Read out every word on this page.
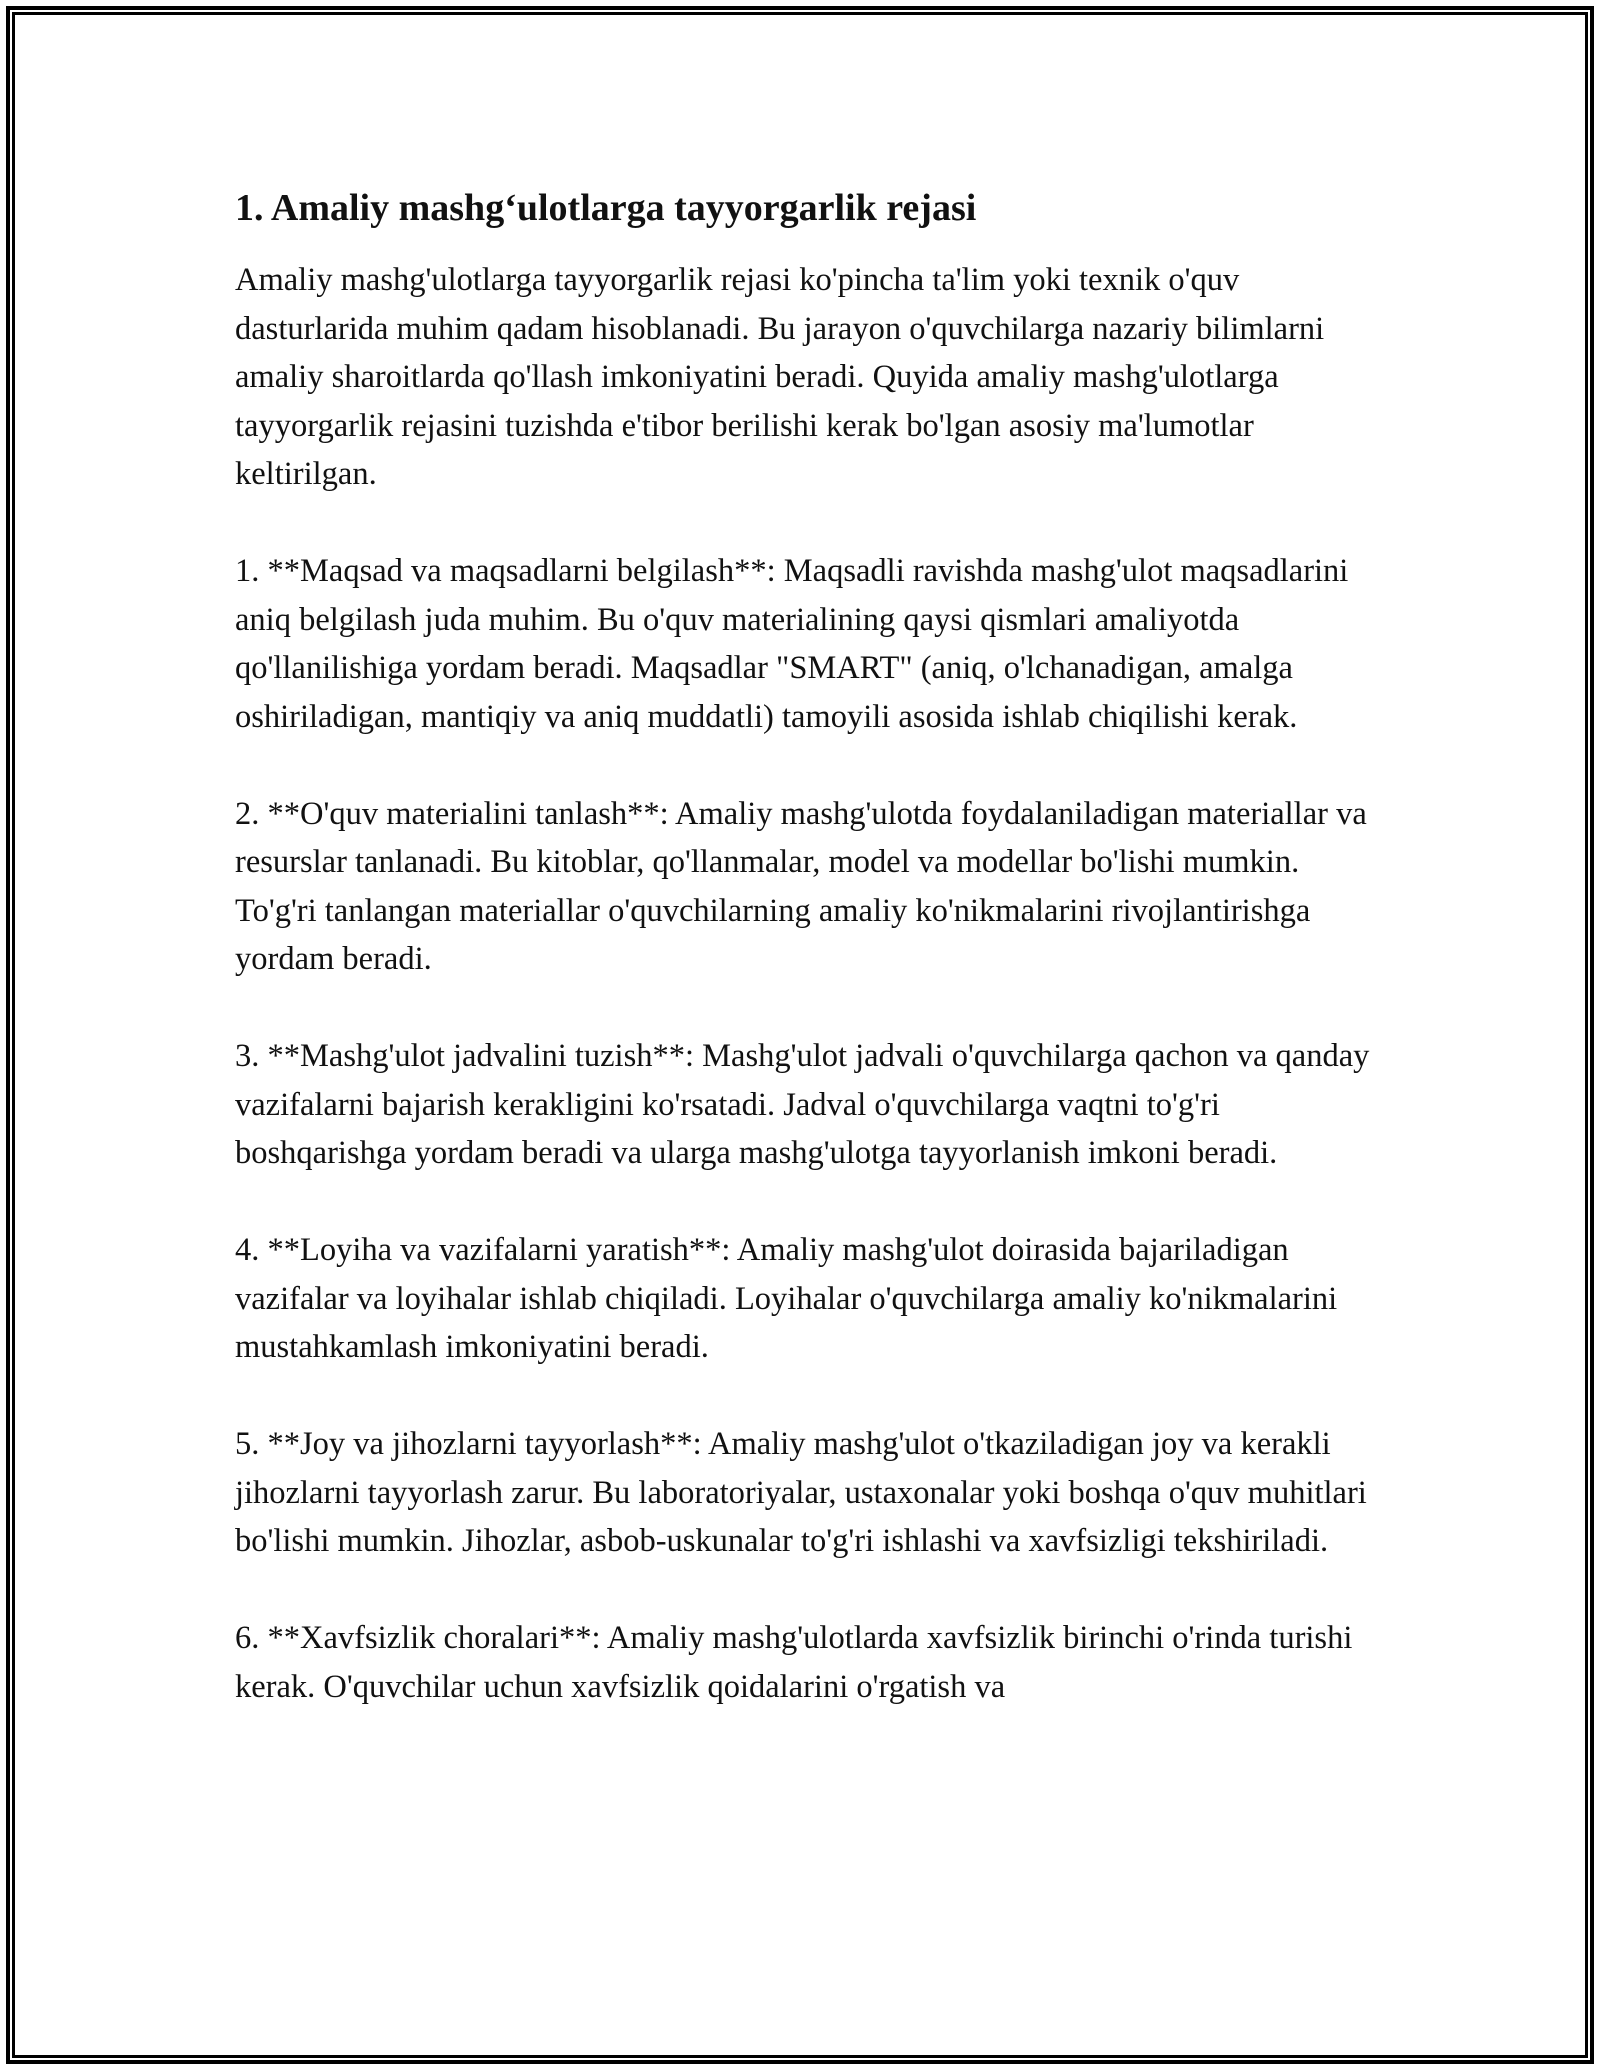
1. Amaliy mashg‘ulotlarga tayyorgarlik rejasi

Amaliy mashg'ulotlarga tayyorgarlik rejasi ko'pincha ta'lim yoki texnik o'quv dasturlarida muhim qadam hisoblanadi. Bu jarayon o'quvchilarga nazariy bilimlarni amaliy sharoitlarda qo'llash imkoniyatini beradi. Quyida amaliy mashg'ulotlarga tayyorgarlik rejasini tuzishda e'tibor berilishi kerak bo'lgan asosiy ma'lumotlar keltirilgan.

1. **Maqsad va maqsadlarni belgilash**: Maqsadli ravishda mashg'ulot maqsadlarini aniq belgilash juda muhim. Bu o'quv materialining qaysi qismlari amaliyotda qo'llanilishiga yordam beradi. Maqsadlar "SMART" (aniq, o'lchanadigan, amalga oshiriladigan, mantiqiy va aniq muddatli) tamoyili asosida ishlab chiqilishi kerak.

2. **O'quv materialini tanlash**: Amaliy mashg'ulotda foydalaniladigan materiallar va resurslar tanlanadi. Bu kitoblar, qo'llanmalar, model va modellar bo'lishi mumkin. To'g'ri tanlangan materiallar o'quvchilarning amaliy ko'nikmalarini rivojlantirishga yordam beradi.

3. **Mashg'ulot jadvalini tuzish**: Mashg'ulot jadvali o'quvchilarga qachon va qanday vazifalarni bajarish kerakligini ko'rsatadi. Jadval o'quvchilarga vaqtni to'g'ri boshqarishga yordam beradi va ularga mashg'ulotga tayyorlanish imkoni beradi.

4. **Loyiha va vazifalarni yaratish**: Amaliy mashg'ulot doirasida bajariladigan vazifalar va loyihalar ishlab chiqiladi. Loyihalar o'quvchilarga amaliy ko'nikmalarini mustahkamlash imkoniyatini beradi.

5. **Joy va jihozlarni tayyorlash**: Amaliy mashg'ulot o'tkaziladigan joy va kerakli jihozlarni tayyorlash zarur. Bu laboratoriyalar, ustaxonalar yoki boshqa o'quv muhitlari bo'lishi mumkin. Jihozlar, asbob-uskunalar to'g'ri ishlashi va xavfsizligi tekshiriladi.

6. **Xavfsizlik choralari**: Amaliy mashg'ulotlarda xavfsizlik birinchi o'rinda turishi kerak. O'quvchilar uchun xavfsizlik qoidalarini o'rgatish va
